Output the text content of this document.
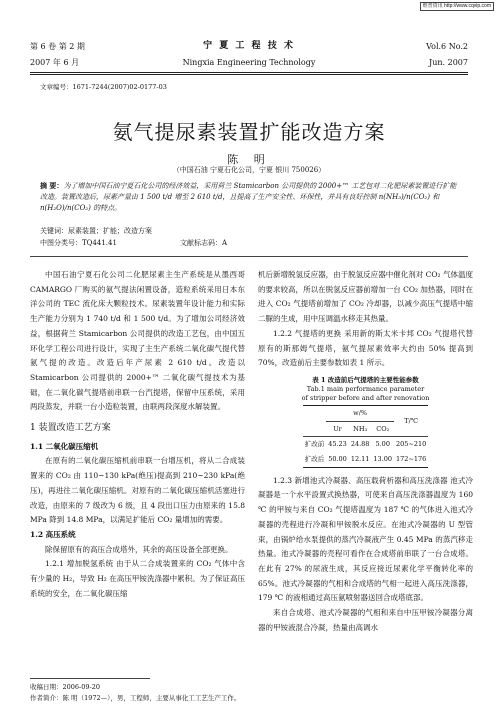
维普资讯 http://www.cqvip.com
第 6 卷 第 2 期	宁 夏 工 程 技 术	Vol.6 No.2
2007 年 6 月	Ningxia Engineering Technology	Jun. 2007
文章编号：1671-7244(2007)02-0177-03
氨气提尿素装置扩能改造方案
陈 明
（中国石油 宁夏石化公司，宁夏 银川 750026）
摘 要：为了增加中国石油宁夏石化公司的经济效益，采用荷兰 Stamicarbon 公司提供的 2000+™ 工艺包对二化肥尿素装置进行扩能改造。装置改造后，尿素产量由 1 500 t/d 增至 2 610 t/d，且提高了生产安全性、环保性，并具有良好控制 n(NH₃)/n(CO₂) 和 n(H₂O)/n(CO₂) 的特点。
关键词：尿素装置；扩能；改造方案
中图分类号：TQ441.41	文献标志码：A

中国石油宁夏石化公司二化肥尿素主生产系统是从墨西哥 CAMARGO 厂购买的氨气提法闲置设备，造粒系统采用日本东洋公司的 TEC 流化床大颗粒技术。尿素装置年设计能力和实际生产能力分别为 1 740 t/d 和 1 500 t/d。为了增加公司经济效益，根据荷兰 Stamicarbon 公司提供的改造工艺包，由中国五环化学工程公司进行设计，实现了主生产系统二氧化碳气提代替氨气提的改造。改造后年产尿素 2 610 t/d。改造以 Stamicarbon 公司提供的 2000+™ 二氧化碳气提技术为基础，在二氧化碳气提塔前串联一台汽提塔，保留中压系统，采用两段蒸发，并联一台小造粒装置，由联两段深度水解装置。

1 装置改造工艺方案
1.1 二氧化碳压缩机

在原有的二氧化碳压缩机前串联一台增压机，将从二合成装置来的 CO₂ 由 110~130 kPa(绝压)提高到 210~230 kPa(绝压)，再进往二氧化碳压缩机。对原有的二氧化碳压缩机活塞进行改造，由原来的 7 级改为 6 级，且 4 段出口压力由原来的 15.8 MPa 降到 14.8 MPa，以满足扩能后 CO₂ 量增加的需要。

1.2 高压系统

除保留原有的高压合成塔外，其余的高压设备全部更换。

1.2.1 增加脱氢系统 由于从二合成装置来的 CO₂ 气体中含有少量的 H₂，导致 H₂ 在高压甲铵洗涤器中累积。为了保证高压系统的安全，在二氧化碳压缩

机后新增脱氢反应器，由于脱氢反应器中催化剂对 CO₂ 气体温度的要求较高，所以在脱氢反应器前增加一台 CO₂ 加热器，同时在进入 CO₂ 气提塔前增加了 CO₂ 冷却器，以减少高压气提塔中缩二脲的生成，用中压调温水移走其热量。

1.2.2 气提塔的更换 采用新的斯太米卡邦 CO₂ 气提塔代替原有的斯那姆气提塔，氨气提尿素效率大约由 50% 提高到 70%，改造前后主要参数如表 1 所示。

表 1 改造前后气提塔的主要性能参数
Tab.1 main performance parameter
of stripper before and after renovation
	w/%			T/℃
	Ur	NH₃	CO₂	
扩改前	45.23	24.88	5.00	205~210
扩改后	50.00	12.11	13.00	172~176

1.2.3 新增池式冷凝器、高压载荷析器和高压洗涤器 池式冷凝器是一个水平設置式换热器，可使来自高压洗涤器温度为 160 ℃ 的甲铵与来自 CO₂ 气提塔温度为 187 ℃ 的气体进入池式冷凝器的壳程进行冷凝和甲铵脱水反应。在池式冷凝器的 U 型管束，由锅炉给水泵提供的蒸汽冷凝液产生 0.45 MPa 的蒸汽移走热量。池式冷凝器的壳程可看作在合成塔前串联了一台合成塔。在此有 27% 的尿液生成，其反应接近尿素化学平衡转化率的 65%。池式冷凝器的气相和合成塔的气相一起进入高压洗涤器，179 ℃ 的液相通过高压氨喷射器送回合成塔底部。

来自合成塔、池式冷凝器的气相和来自中压甲铵冷凝器分离器的甲铵液混合冷凝，热量由高调水

收稿日期：2006-09-20
作者简介：陈 明（1972—），男，工程师，主要从事化工工艺生产工作。
